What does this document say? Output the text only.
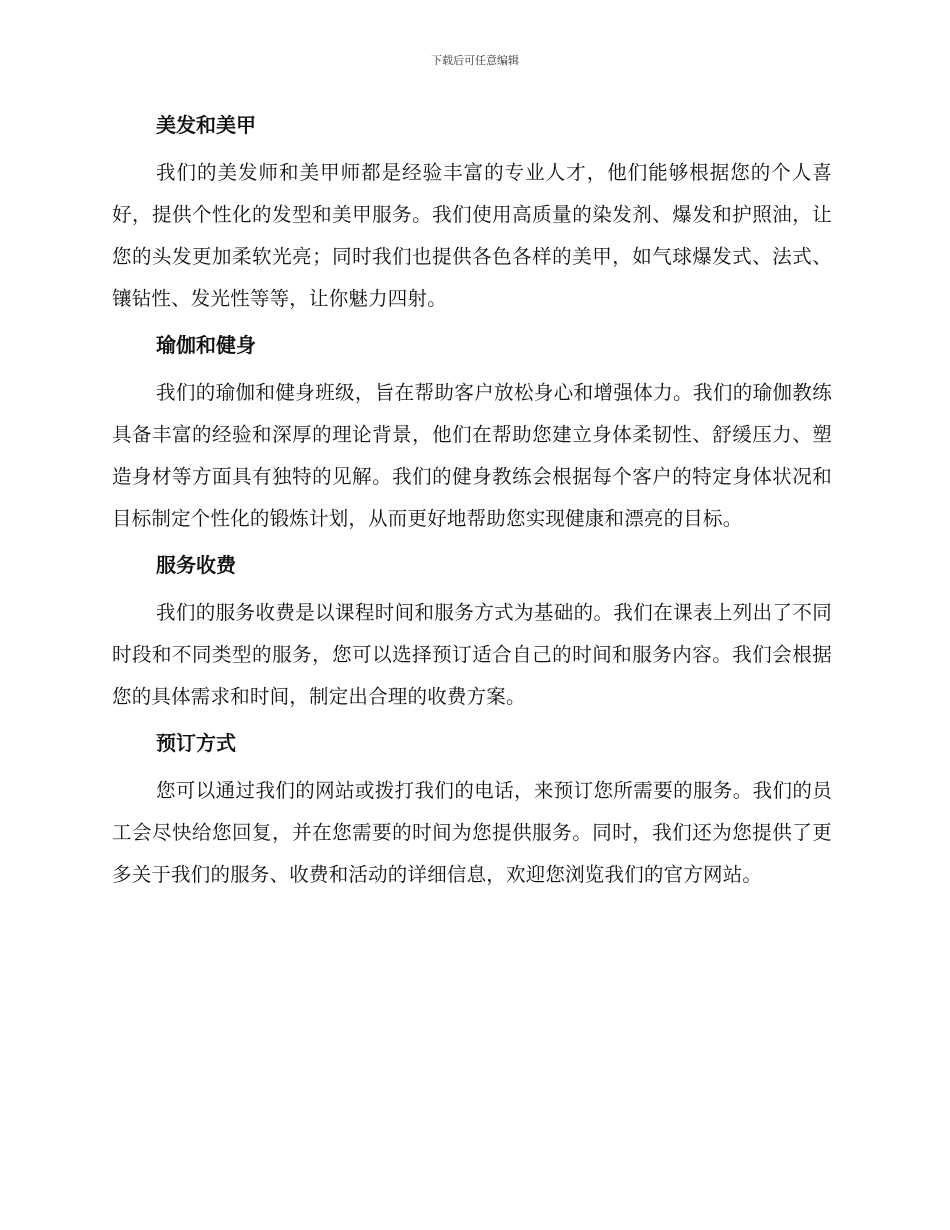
下载后可任意编辑
美发和美甲

我们的美发师和美甲师都是经验丰富的专业人才，他们能够根据您的个人喜好，提供个性化的发型和美甲服务。我们使用高质量的染发剂、爆发和护照油，让您的头发更加柔软光亮；同时我们也提供各色各样的美甲，如气球爆发式、法式、镶钻性、发光性等等，让你魅力四射。

瑜伽和健身

我们的瑜伽和健身班级，旨在帮助客户放松身心和增强体力。我们的瑜伽教练具备丰富的经验和深厚的理论背景，他们在帮助您建立身体柔韧性、舒缓压力、塑造身材等方面具有独特的见解。我们的健身教练会根据每个客户的特定身体状况和目标制定个性化的锻炼计划，从而更好地帮助您实现健康和漂亮的目标。

服务收费

我们的服务收费是以课程时间和服务方式为基础的。我们在课表上列出了不同时段和不同类型的服务，您可以选择预订适合自己的时间和服务内容。我们会根据您的具体需求和时间，制定出合理的收费方案。

预订方式

您可以通过我们的网站或拨打我们的电话，来预订您所需要的服务。我们的员工会尽快给您回复，并在您需要的时间为您提供服务。同时，我们还为您提供了更多关于我们的服务、收费和活动的详细信息，欢迎您浏览我们的官方网站。
